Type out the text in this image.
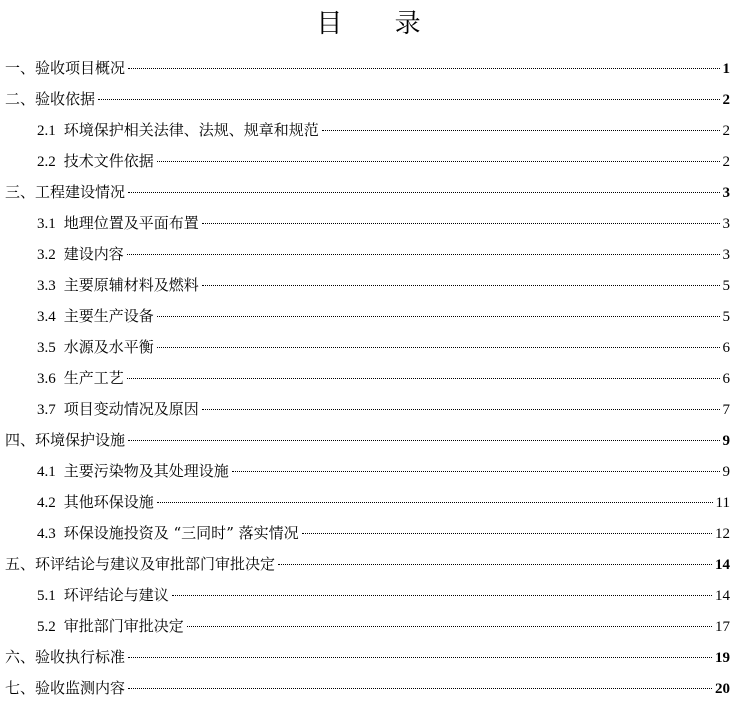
目 录
一、验收项目概况	1
二、验收依据	2
2.1 环境保护相关法律、法规、规章和规范	2
2.2 技术文件依据	2
三、工程建设情况	3
3.1 地理位置及平面布置	3
3.2 建设内容	3
3.3 主要原辅材料及燃料	5
3.4 主要生产设备	5
3.5 水源及水平衡	6
3.6 生产工艺	6
3.7 项目变动情况及原因	7
四、环境保护设施	9
4.1 主要污染物及其处理设施	9
4.2 其他环保设施	11
4.3 环保设施投资及 “三同时” 落实情况	12
五、环评结论与建议及审批部门审批决定	14
5.1 环评结论与建议	14
5.2 审批部门审批决定	17
六、验收执行标准	19
七、验收监测内容	20
